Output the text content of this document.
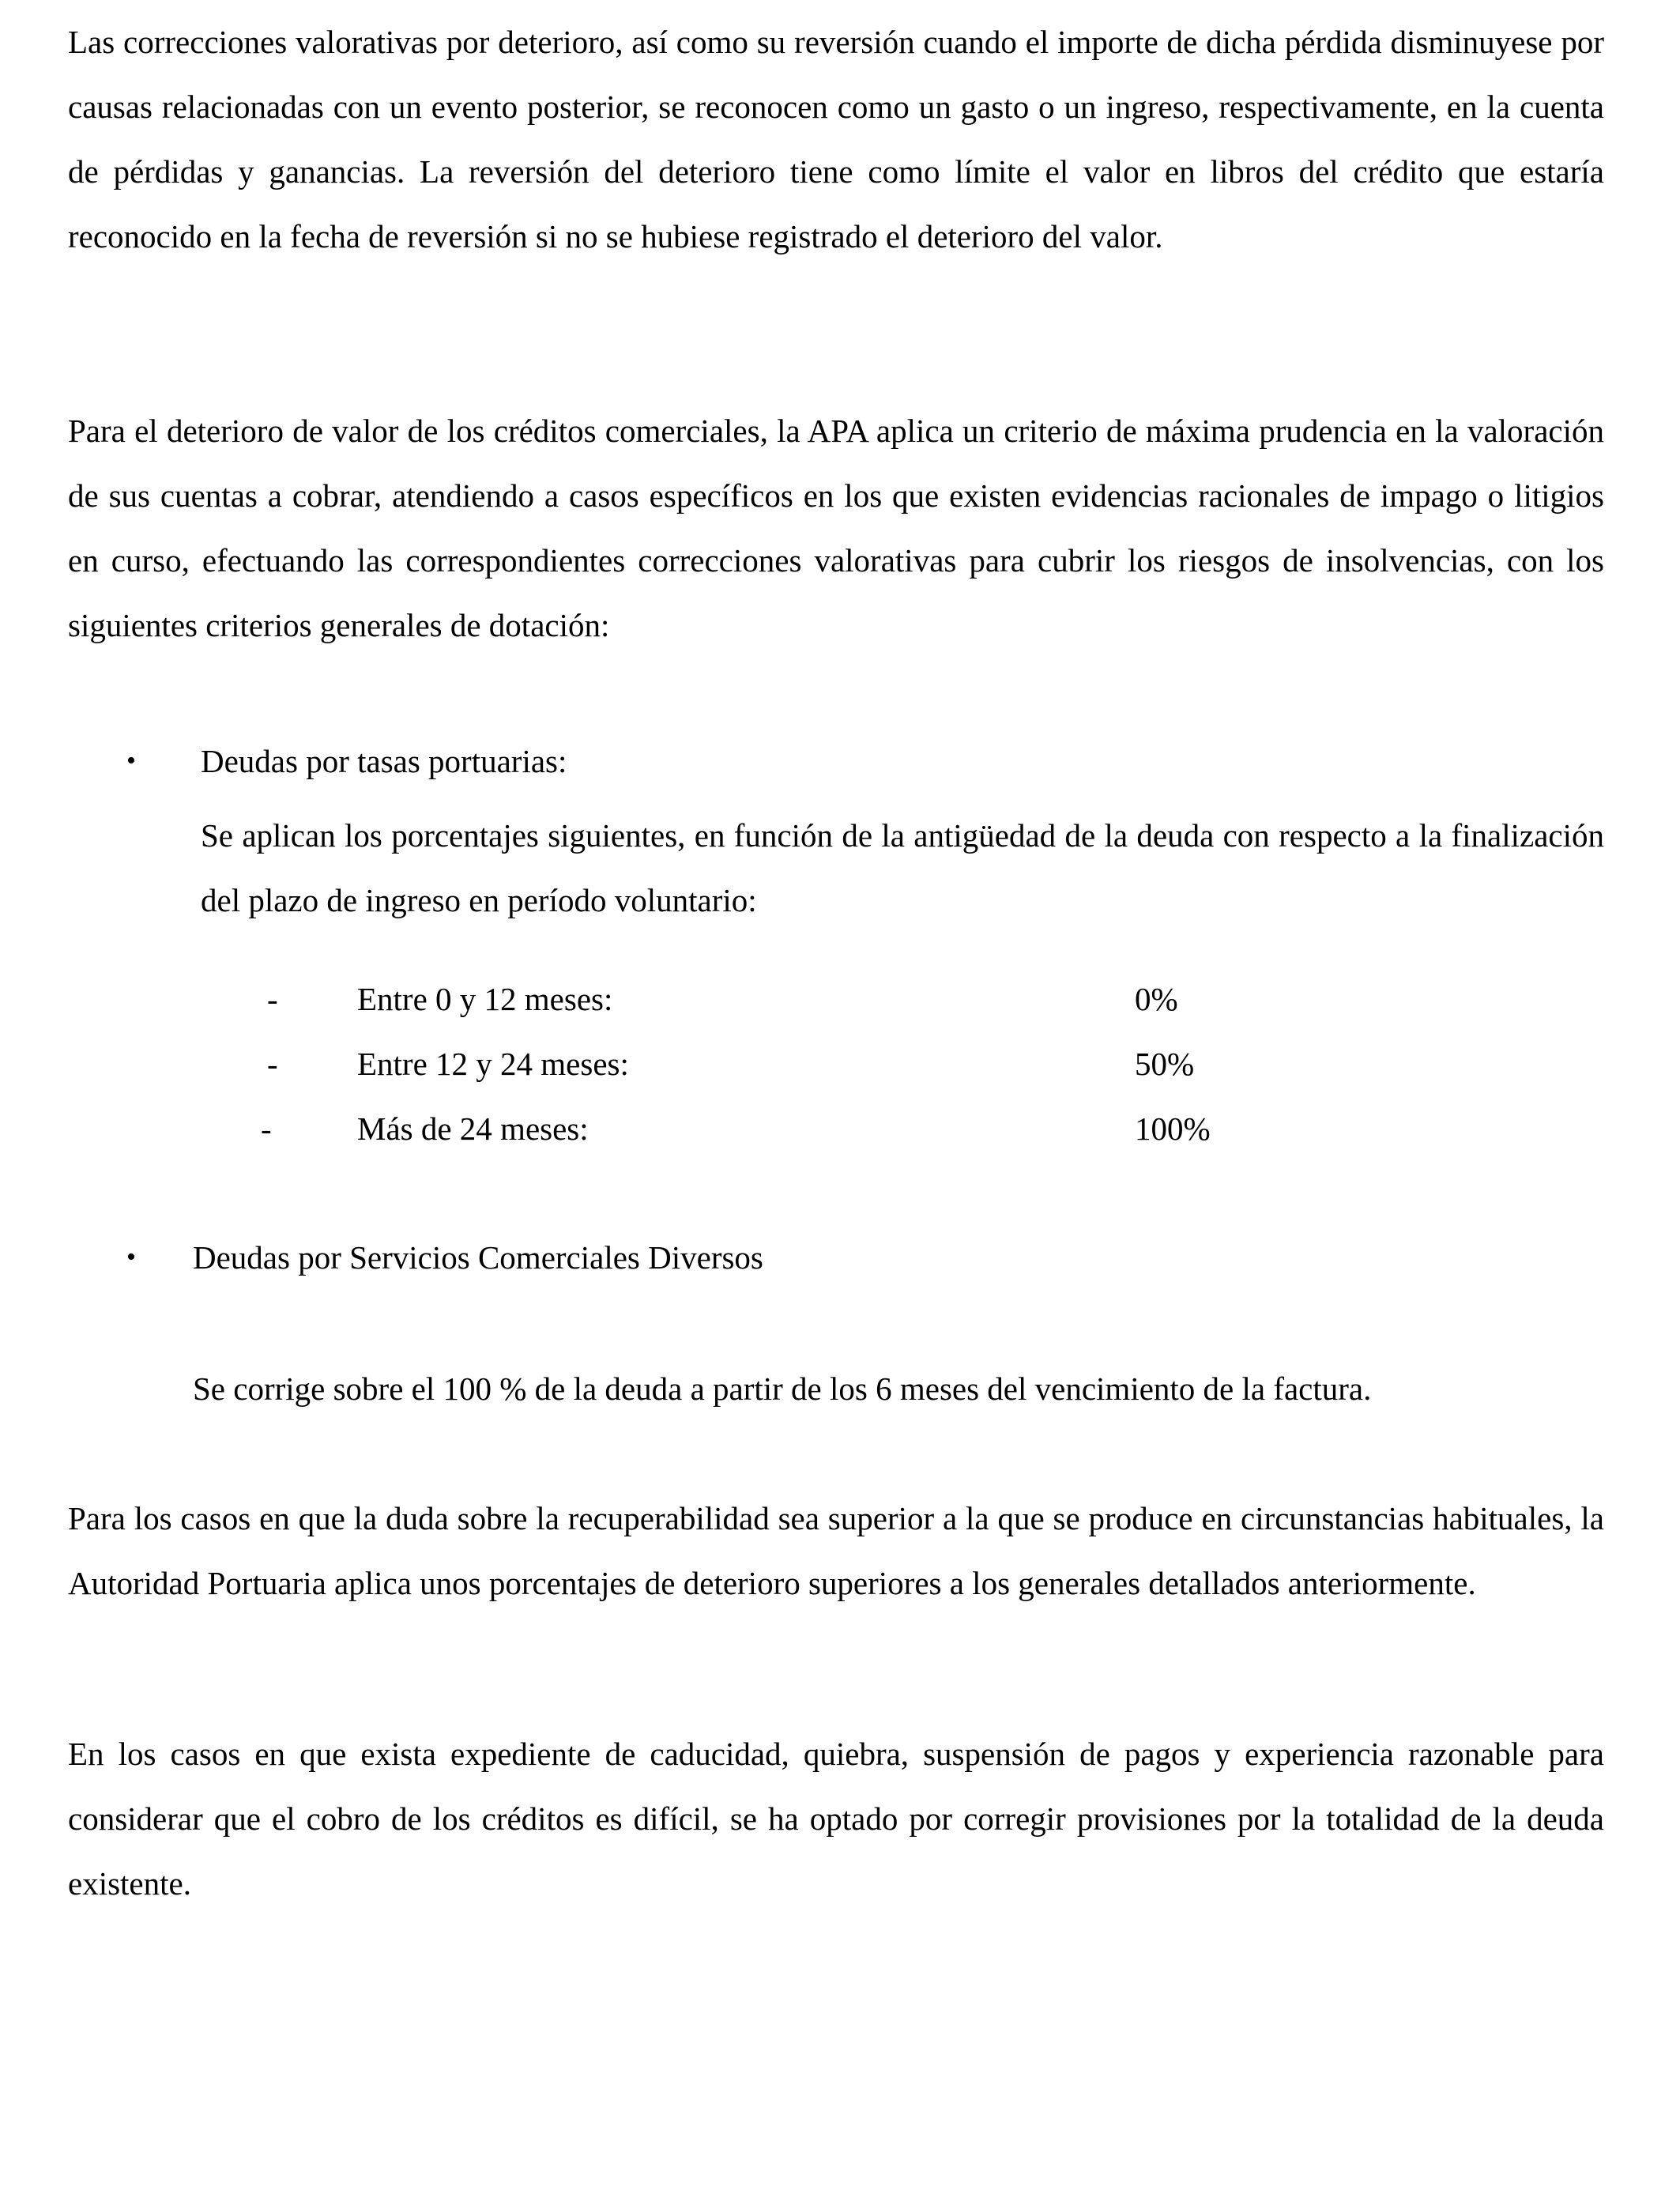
Las correcciones valorativas por deterioro, así como su reversión cuando el importe de dicha pérdida disminuyese por causas relacionadas con un evento posterior, se reconocen como un gasto o un ingreso, respectivamente, en la cuenta de pérdidas y ganancias. La reversión del deterioro tiene como límite el valor en libros del crédito que estaría reconocido en la fecha de reversión si no se hubiese registrado el deterioro del valor.

Para el deterioro de valor de los créditos comerciales, la APA aplica un criterio de máxima prudencia en la valoración de sus cuentas a cobrar, atendiendo a casos específicos en los que existen evidencias racionales de impago o litigios en curso, efectuando las correspondientes correcciones valorativas para cubrir los riesgos de insolvencias, con los siguientes criterios generales de dotación:

• Deudas por tasas portuarias:

Se aplican los porcentajes siguientes, en función de la antigüedad de la deuda con respecto a la finalización del plazo de ingreso en período voluntario:

- Entre 0 y 12 meses:	0%
- Entre 12 y 24 meses:	50%
-	Más de 24 meses:	100%
• Deudas por Servicios Comerciales Diversos
Se corrige sobre el 100 % de la deuda a partir de los 6 meses del vencimiento de la factura.

Para los casos en que la duda sobre la recuperabilidad sea superior a la que se produce en circunstancias habituales, la Autoridad Portuaria aplica unos porcentajes de deterioro superiores a los generales detallados anteriormente.

En los casos en que exista expediente de caducidad, quiebra, suspensión de pagos y experiencia razonable para considerar que el cobro de los créditos es difícil, se ha optado por corregir provisiones por la totalidad de la deuda existente.
